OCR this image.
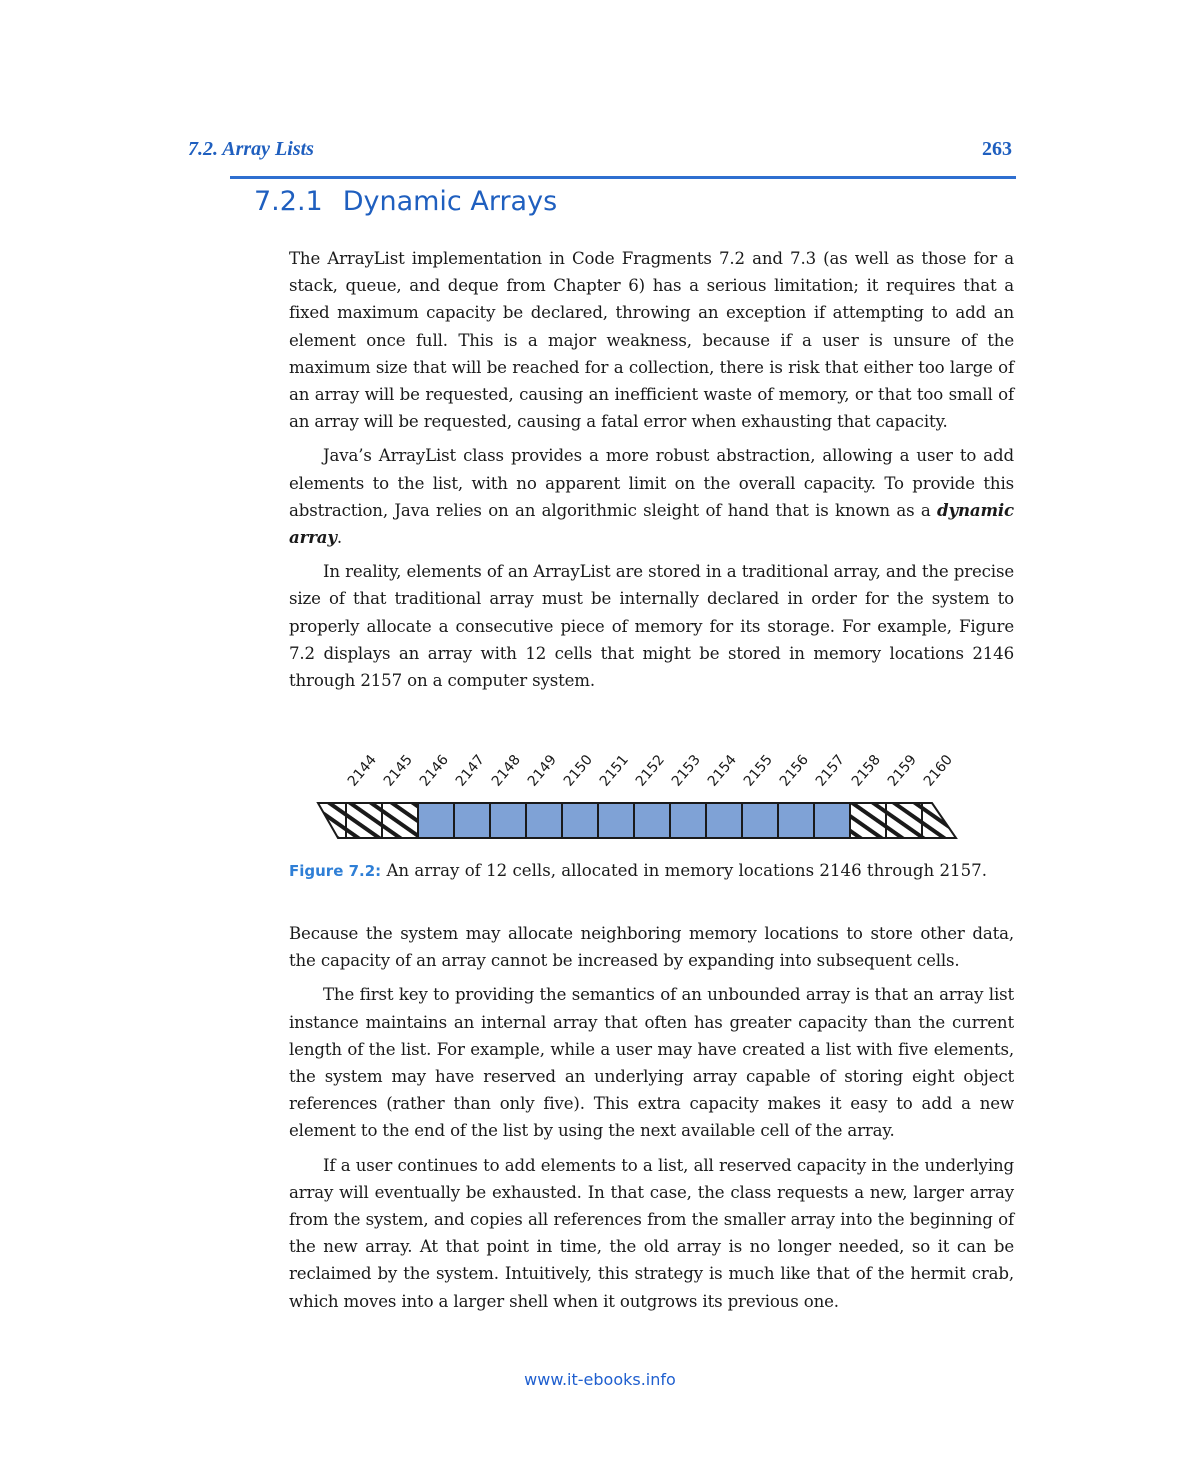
7.2. Array Lists	263
7.2.1 Dynamic Arrays

The ArrayList implementation in Code Fragments 7.2 and 7.3 (as well as those for a stack, queue, and deque from Chapter 6) has a serious limitation; it requires that a fixed maximum capacity be declared, throwing an exception if attempting to add an element once full. This is a major weakness, because if a user is unsure of the maximum size that will be reached for a collection, there is risk that either too large of an array will be requested, causing an inefficient waste of memory, or that too small of an array will be requested, causing a fatal error when exhausting that capacity.

Java’s ArrayList class provides a more robust abstraction, allowing a user to add elements to the list, with no apparent limit on the overall capacity. To provide this abstraction, Java relies on an algorithmic sleight of hand that is known as a dynamic array.

In reality, elements of an ArrayList are stored in a traditional array, and the precise size of that traditional array must be internally declared in order for the system to properly allocate a consecutive piece of memory for its storage. For example, Figure 7.2 displays an array with 12 cells that might be stored in memory locations 2146 through 2157 on a computer system.

2144 2145 2146 2147 2148 2149 2150 2151 2152 2153 2154 2155 2156 2157 2158 2159 2160
Figure 7.2: An array of 12 cells, allocated in memory locations 2146 through 2157.

Because the system may allocate neighboring memory locations to store other data, the capacity of an array cannot be increased by expanding into subsequent cells.

The first key to providing the semantics of an unbounded array is that an array list instance maintains an internal array that often has greater capacity than the current length of the list. For example, while a user may have created a list with five elements, the system may have reserved an underlying array capable of storing eight object references (rather than only five). This extra capacity makes it easy to add a new element to the end of the list by using the next available cell of the array.

If a user continues to add elements to a list, all reserved capacity in the underlying array will eventually be exhausted. In that case, the class requests a new, larger array from the system, and copies all references from the smaller array into the beginning of the new array. At that point in time, the old array is no longer needed, so it can be reclaimed by the system. Intuitively, this strategy is much like that of the hermit crab, which moves into a larger shell when it outgrows its previous one.

www.it-ebooks.info
